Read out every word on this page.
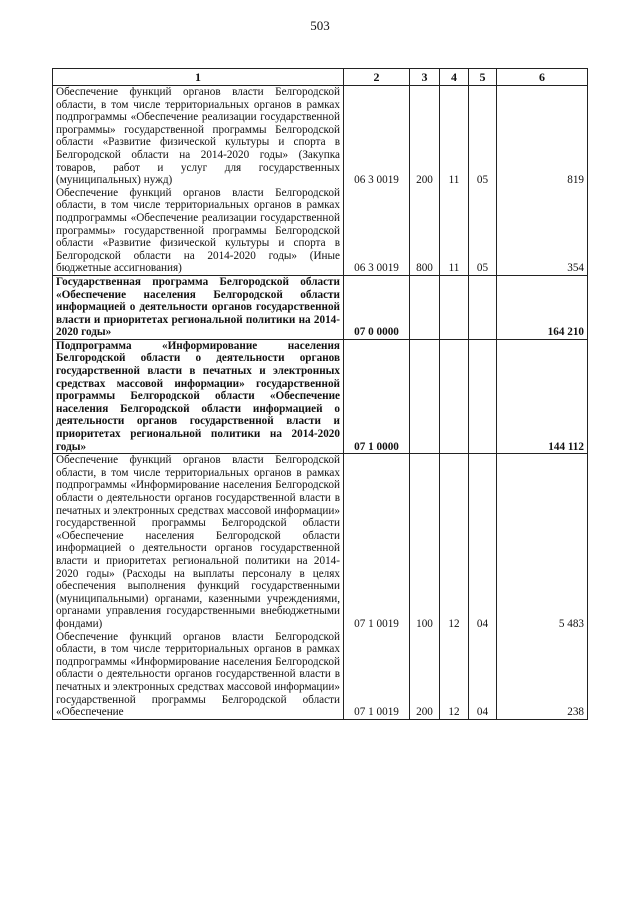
503
1	2	3	4	5	6

Обеспечение функций органов власти Белгородской области, в том числе территориальных органов в рамках подпрограммы «Обеспечение реализации государственной программы» государственной программы Белгородской области «Развитие физической культуры и спорта в Белгородской области на 2014-2020 годы» (Закупка товаров, работ и услуг для государственных (муниципальных) нужд)	06 3 0019	200	11	05	819

Обеспечение функций органов власти Белгородской области, в том числе территориальных органов в рамках подпрограммы «Обеспечение реализации государственной программы» государственной программы Белгородской области «Развитие физической культуры и спорта в Белгородской области на 2014-2020 годы» (Иные бюджетные ассигнования)	06 3 0019	800	11	05	354

Государственная программа Белгородской области «Обеспечение населения Белгородской области информацией о деятельности органов государственной власти и приоритетах региональной политики на 2014-2020 годы»	07 0 0000				164 210

Подпрограмма «Информирование населения Белгородской области о деятельности органов государственной власти в печатных и электронных средствах массовой информации» государственной программы Белгородской области «Обеспечение населения Белгородской области информацией о деятельности органов государственной власти и приоритетах региональной политики на 2014-2020 годы»	07 1 0000				144 112

Обеспечение функций органов власти Белгородской области, в том числе территориальных органов в рамках подпрограммы «Информирование населения Белгородской области о деятельности органов государственной власти в печатных и электронных средствах массовой информации» государственной программы Белгородской области «Обеспечение населения Белгородской области информацией о деятельности органов государственной власти и приоритетах региональной политики на 2014-2020 годы» (Расходы на выплаты персоналу в целях обеспечения выполнения функций государственными (муниципальными) органами, казенными учреждениями, органами управления государственными внебюджетными фондами)	07 1 0019	100	12	04	5 483

Обеспечение функций органов власти Белгородской области, в том числе территориальных органов в рамках подпрограммы «Информирование населения Белгородской области о деятельности органов государственной власти в печатных и электронных средствах массовой информации» государственной программы Белгородской области «Обеспечение	07 1 0019	200	12	04	238
